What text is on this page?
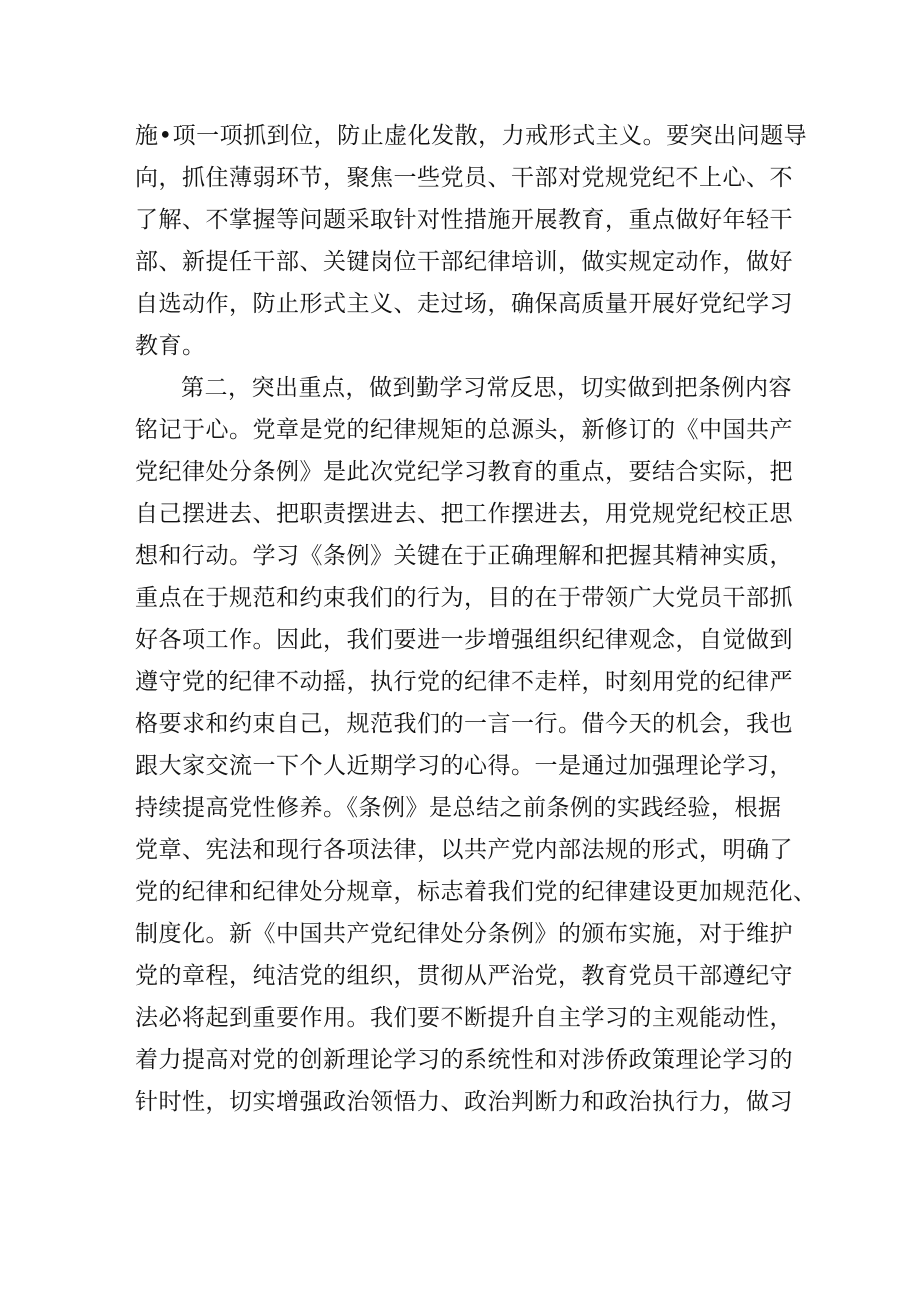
施•项一项抓到位，防止虚化发散，力戒形式主义。要突出问题导
向，抓住薄弱环节，聚焦一些党员、干部对党规党纪不上心、不
了解、不掌握等问题采取针对性措施开展教育，重点做好年轻干
部、新提任干部、关键岗位干部纪律培训，做实规定动作，做好
自选动作，防止形式主义、走过场，确保高质量开展好党纪学习
教育。
第二，突出重点，做到勤学习常反思，切实做到把条例内容
铭记于心。党章是党的纪律规矩的总源头，新修订的《中国共产
党纪律处分条例》是此次党纪学习教育的重点，要结合实际，把
自己摆进去、把职责摆进去、把工作摆进去，用党规党纪校正思
想和行动。学习《条例》关键在于正确理解和把握其精神实质，
重点在于规范和约束我们的行为，目的在于带领广大党员干部抓
好各项工作。因此，我们要进一步增强组织纪律观念，自觉做到
遵守党的纪律不动摇，执行党的纪律不走样，时刻用党的纪律严
格要求和约束自己，规范我们的一言一行。借今天的机会，我也
跟大家交流一下个人近期学习的心得。一是通过加强理论学习，
持续提高党性修养。《条例》是总结之前条例的实践经验，根据
党章、宪法和现行各项法律，以共产党内部法规的形式，明确了
党的纪律和纪律处分规章，标志着我们党的纪律建设更加规范化、
制度化。新《中国共产党纪律处分条例》的颁布实施，对于维护
党的章程，纯洁党的组织，贯彻从严治党，教育党员干部遵纪守
法必将起到重要作用。我们要不断提升自主学习的主观能动性，
着力提高对党的创新理论学习的系统性和对涉侨政策理论学习的
针时性，切实增强政治领悟力、政治判断力和政治执行力，做习
